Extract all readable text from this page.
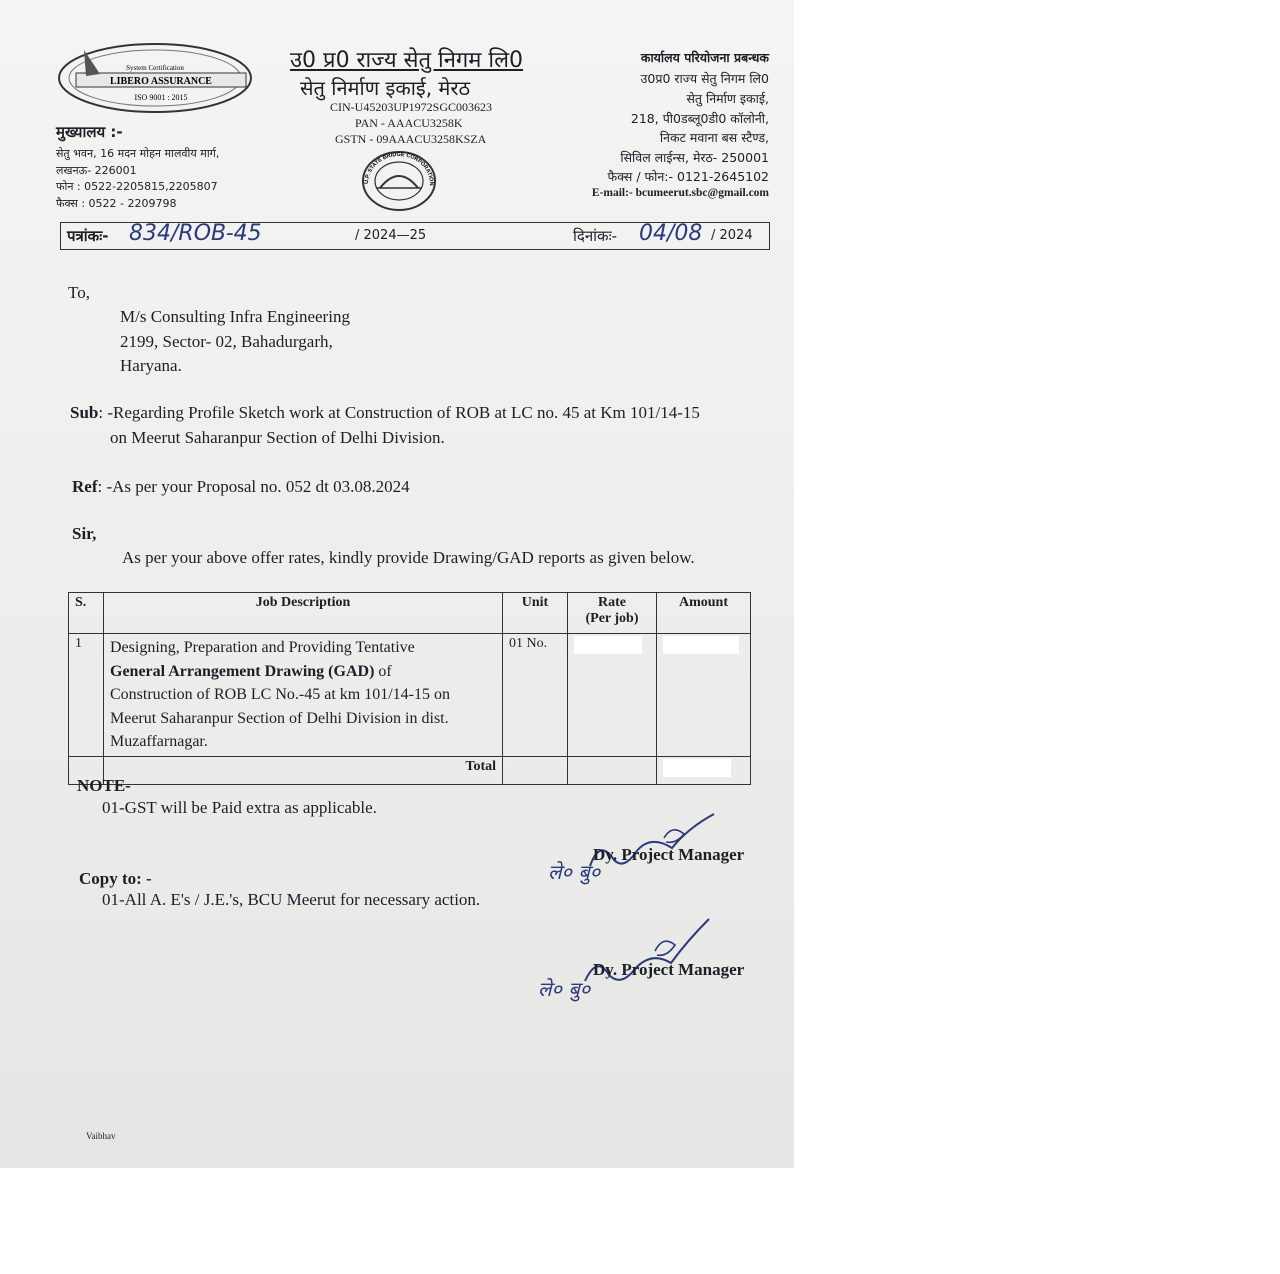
System Certification
LIBERO ASSURANCE
ISO 9001 : 2015
उ0 प्र0 राज्य सेतु निगम लि0
सेतु निर्माण इकाई, मेरठ
CIN-U45203UP1972SGC003623
PAN - AAACU3258K
GSTN - 09AAACU3258KSZA
U.P. STATE BRIDGE CORPORATION
मुख्यालय :-
सेतु भवन, 16 मदन मोहन मालवीय मार्ग,
लखनऊ- 226001
फोन : 0522-2205815,2205807
फैक्स : 0522 - 2209798
कार्यालय परियोजना प्रबन्धक
उ0प्र0 राज्य सेतु निगम लि0
सेतु निर्माण इकाई,
218, पी0डब्लू0डी0 कॉलोनी,
निकट मवाना बस स्टैण्ड,
सिविल लाईन्स, मेरठ- 250001
फैक्स / फोन:- 0121-2645102
E-mail:- bcumeerut.sbc@gmail.com
पत्रांकः- 834/ROB-45	/ 2024—25	दिनांकः- 04/08 / 2024
To,
M/s Consulting Infra Engineering
2199, Sector- 02, Bahadurgarh,
Haryana.
Sub: -Regarding Profile Sketch work at Construction of ROB at LC no. 45 at Km 101/14-15
on Meerut Saharanpur Section of Delhi Division.
Ref: -As per your Proposal no. 052 dt 03.08.2024
Sir,
As per your above offer rates, kindly provide Drawing/GAD reports as given below.
S.	Job Description	Unit	Rate
(Per job)	Amount
1	Designing, Preparation and Providing Tentative
General Arrangement Drawing (GAD) of
Construction of ROB LC No.-45 at km 101/14-15 on
Meerut Saharanpur Section of Delhi Division in dist.
Muzaffarnagar.	01 No.		
	Total			
NOTE-
01-GST will be Paid extra as applicable.
ले० बु०
Dy. Project Manager
Copy to: -
01-All A. E's / J.E.'s, BCU Meerut for necessary action.
ले० बु०
Dy. Project Manager
Vaibhav
